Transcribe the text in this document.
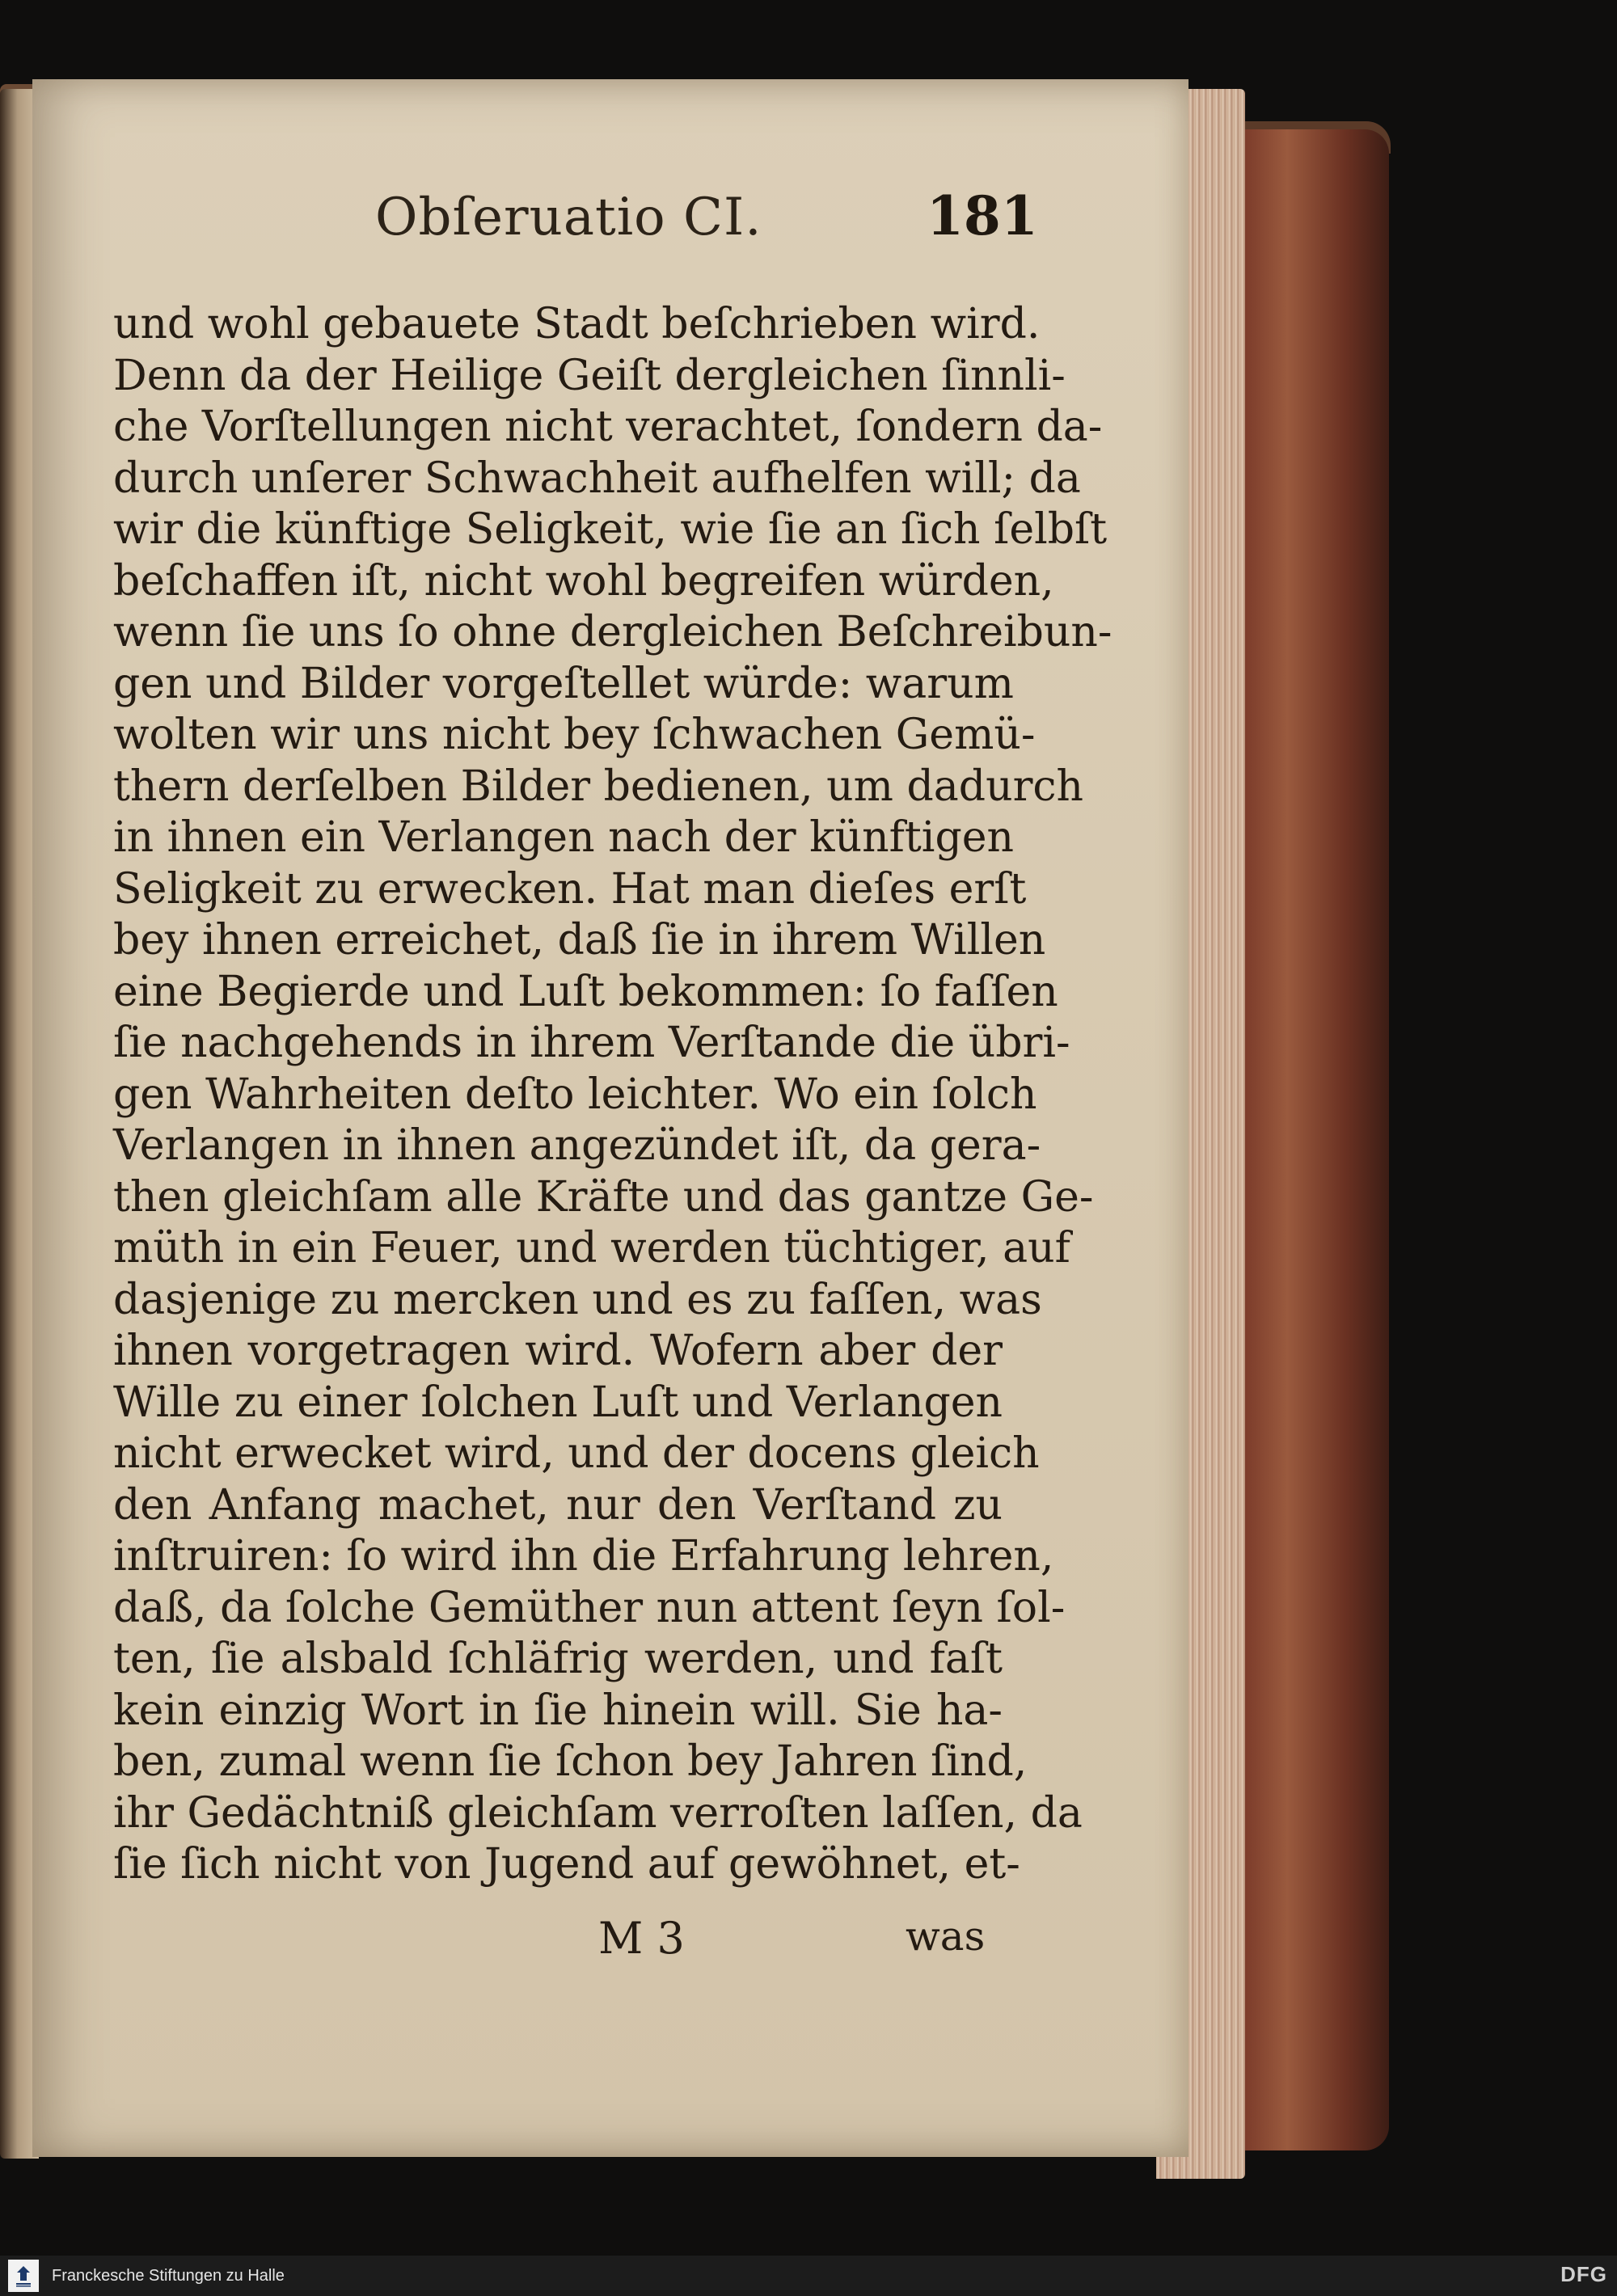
Obſeruatio CI.	181
und wohl gebauete Stadt beſchrieben wird.
Denn da der Heilige Geiſt dergleichen ſinnli-
che Vorſtellungen nicht verachtet, ſondern da-
durch unſerer Schwachheit aufhelfen will; da
wir die künftige Seligkeit, wie ſie an ſich ſelbſt
beſchaffen iſt, nicht wohl begreifen würden,
wenn ſie uns ſo ohne dergleichen Beſchreibun-
gen und Bilder vorgeſtellet würde: warum
wolten wir uns nicht bey ſchwachen Gemü-
thern derſelben Bilder bedienen, um dadurch
in ihnen ein Verlangen nach der künftigen
Seligkeit zu erwecken. Hat man dieſes erſt
bey ihnen erreichet, daß ſie in ihrem Willen
eine Begierde und Luſt bekommen: ſo faſſen
ſie nachgehends in ihrem Verſtande die übri-
gen Wahrheiten deſto leichter. Wo ein ſolch
Verlangen in ihnen angezündet iſt, da gera-
then gleichſam alle Kräfte und das gantze Ge-
müth in ein Feuer, und werden tüchtiger, auf
dasjenige zu mercken und es zu faſſen, was
ihnen vorgetragen wird. Wofern aber der
Wille zu einer ſolchen Luſt und Verlangen
nicht erwecket wird, und der docens gleich
den Anfang machet, nur den Verſtand zu
inſtruiren: ſo wird ihn die Erfahrung lehren,
daß, da ſolche Gemüther nun attent ſeyn ſol-
ten, ſie alsbald ſchläfrig werden, und faſt
kein einzig Wort in ſie hinein will. Sie ha-
ben, zumal wenn ſie ſchon bey Jahren ſind,
ihr Gedächtniß gleichſam verroſten laſſen, da
ſie ſich nicht von Jugend auf gewöhnet, et-
M 3	was
Franckesche Stiftungen zu Halle	DFG
